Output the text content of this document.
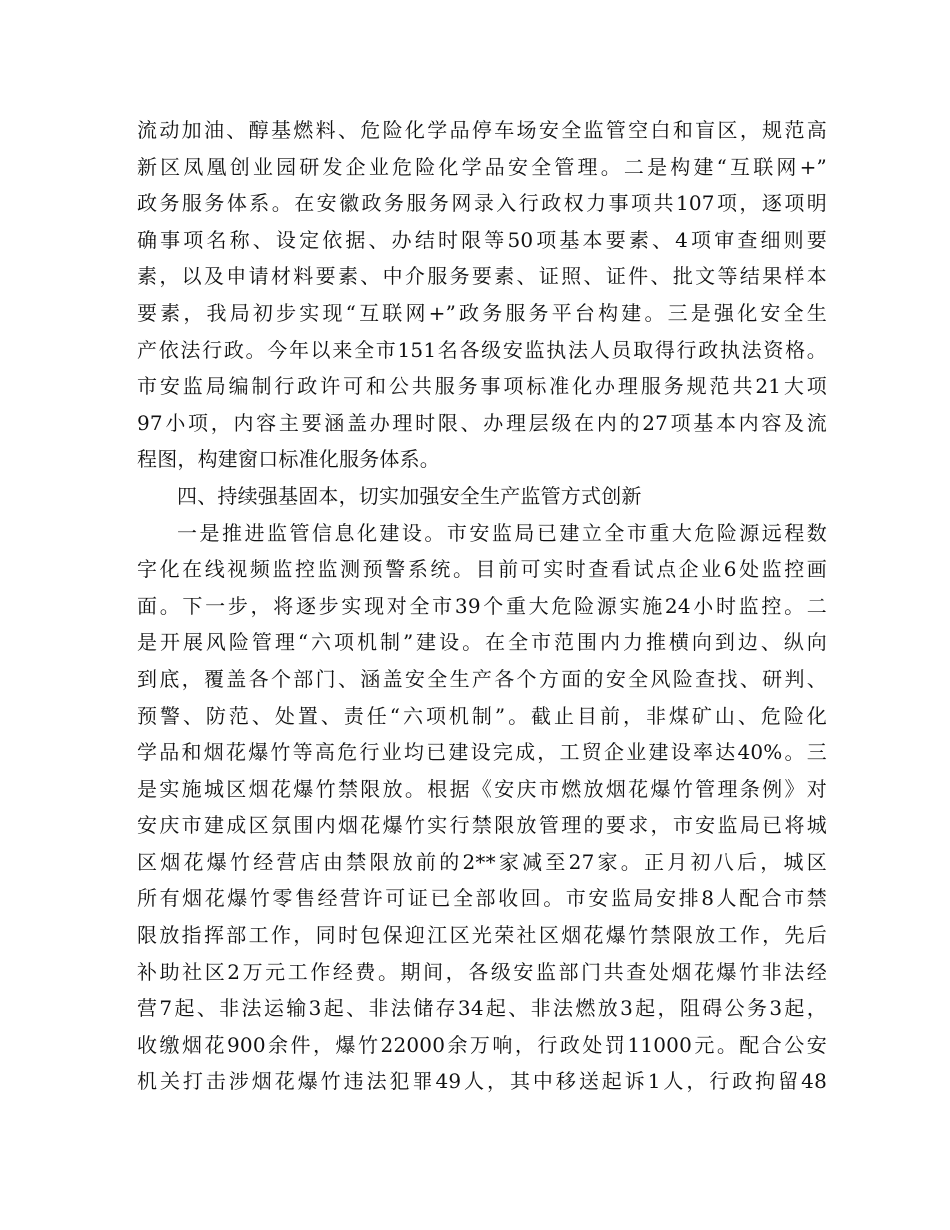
流动加油、醇基燃料、危险化学品停车场安全监管空白和盲区，规范高
新区凤凰创业园研发企业危险化学品安全管理。二是构建“互联网+”
政务服务体系。在安徽政务服务网录入行政权力事项共107项，逐项明
确事项名称、设定依据、办结时限等50项基本要素、4项审查细则要
素，以及申请材料要素、中介服务要素、证照、证件、批文等结果样本
要素，我局初步实现“互联网+”政务服务平台构建。三是强化安全生
产依法行政。今年以来全市151名各级安监执法人员取得行政执法资格。
市安监局编制行政许可和公共服务事项标准化办理服务规范共21大项
97小项，内容主要涵盖办理时限、办理层级在内的27项基本内容及流
程图，构建窗口标准化服务体系。
四、持续强基固本，切实加强安全生产监管方式创新
一是推进监管信息化建设。市安监局已建立全市重大危险源远程数
字化在线视频监控监测预警系统。目前可实时查看试点企业6处监控画
面。下一步，将逐步实现对全市39个重大危险源实施24小时监控。二
是开展风险管理“六项机制”建设。在全市范围内力推横向到边、纵向
到底，覆盖各个部门、涵盖安全生产各个方面的安全风险查找、研判、
预警、防范、处置、责任“六项机制”。截止目前，非煤矿山、危险化
学品和烟花爆竹等高危行业均已建设完成，工贸企业建设率达40%。三
是实施城区烟花爆竹禁限放。根据《安庆市燃放烟花爆竹管理条例》对
安庆市建成区氛围内烟花爆竹实行禁限放管理的要求，市安监局已将城
区烟花爆竹经营店由禁限放前的2**家减至27家。正月初八后，城区
所有烟花爆竹零售经营许可证已全部收回。市安监局安排8人配合市禁
限放指挥部工作，同时包保迎江区光荣社区烟花爆竹禁限放工作，先后
补助社区2万元工作经费。期间，各级安监部门共查处烟花爆竹非法经
营7起、非法运输3起、非法储存34起、非法燃放3起，阻碍公务3起，
收缴烟花900余件，爆竹22000余万响，行政处罚11000元。配合公安
机关打击涉烟花爆竹违法犯罪49人，其中移送起诉1人，行政拘留48
